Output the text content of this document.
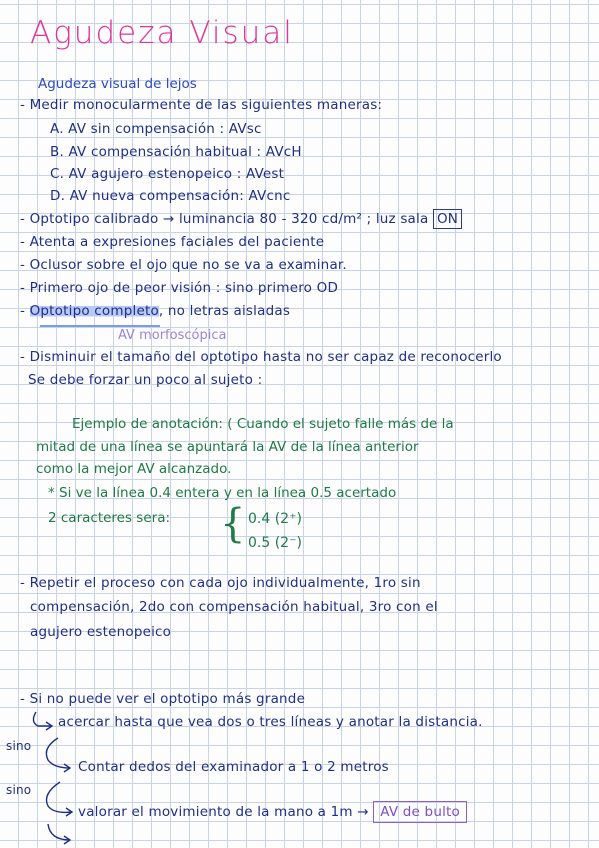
Agudeza Visual
Agudeza visual de lejos
- Medir monocularmente de las siguientes maneras:
A. AV sin compensación : AVsc
B. AV compensación habitual : AVcH
C. AV agujero estenopeico : AVest
D. AV nueva compensación: AVcnc
- Optotipo calibrado → luminancia 80 - 320 cd/m² ; luz sala ON
- Atenta a expresiones faciales del paciente
- Oclusor sobre el ojo que no se va a examinar.
- Primero ojo de peor visión : sino primero OD
- Optotipo completo, no letras aisladas
AV morfoscópica
- Disminuir el tamaño del optotipo hasta no ser capaz de reconocerlo
Se debe forzar un poco al sujeto :
Ejemplo de anotación: ( Cuando el sujeto falle más de la
mitad de una línea se apuntará la AV de la línea anterior
como la mejor AV alcanzado.
* Si ve la línea 0.4 entera y en la línea 0.5 acertado
2 caracteres sera: { 0.4 (2⁺)
0.5 (2⁻)
- Repetir el proceso con cada ojo individualmente, 1ro sin
compensación, 2do con compensación habitual, 3ro con el
agujero estenopeico
- Si no puede ver el optotipo más grande
acercar hasta que vea dos o tres líneas y anotar la distancia.
sino
Contar dedos del examinador a 1 o 2 metros
sino
valorar el movimiento de la mano a 1m → AV de bulto
